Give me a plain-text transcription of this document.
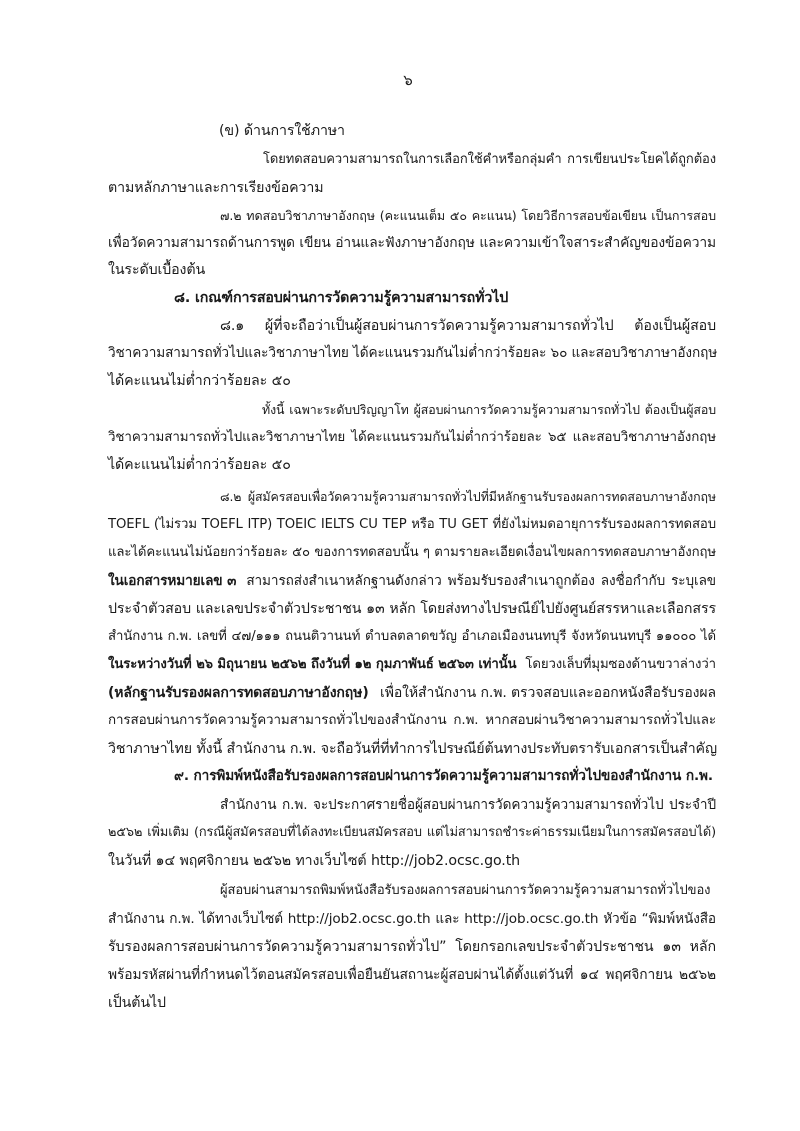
๖
(ข) ด้านการใช้ภาษา
โดยทดสอบความสามารถในการเลือกใช้คำหรือกลุ่มคำ การเขียนประโยคได้ถูกต้อง
ตามหลักภาษาและการเรียงข้อความ
๗.๒ ทดสอบวิชาภาษาอังกฤษ (คะแนนเต็ม ๕๐ คะแนน) โดยวิธีการสอบข้อเขียน เป็นการสอบ
เพื่อวัดความสามารถด้านการพูด เขียน อ่านและฟังภาษาอังกฤษ และความเข้าใจสาระสำคัญของข้อความ
ในระดับเบื้องต้น
๘. เกณฑ์การสอบผ่านการวัดความรู้ความสามารถทั่วไป
๘.๑ ผู้ที่จะถือว่าเป็นผู้สอบผ่านการวัดความรู้ความสามารถทั่วไป ต้องเป็นผู้สอบ
วิชาความสามารถทั่วไปและวิชาภาษาไทย ได้คะแนนรวมกันไม่ต่ำกว่าร้อยละ ๖๐ และสอบวิชาภาษาอังกฤษ
ได้คะแนนไม่ต่ำกว่าร้อยละ ๕๐
ทั้งนี้ เฉพาะระดับปริญญาโท ผู้สอบผ่านการวัดความรู้ความสามารถทั่วไป ต้องเป็นผู้สอบ
วิชาความสามารถทั่วไปและวิชาภาษาไทย ได้คะแนนรวมกันไม่ต่ำกว่าร้อยละ ๖๕ และสอบวิชาภาษาอังกฤษ
ได้คะแนนไม่ต่ำกว่าร้อยละ ๕๐
๘.๒ ผู้สมัครสอบเพื่อวัดความรู้ความสามารถทั่วไปที่มีหลักฐานรับรองผลการทดสอบภาษาอังกฤษ
TOEFL (ไม่รวม TOEFL ITP) TOEIC IELTS CU TEP หรือ TU GET ที่ยังไม่หมดอายุการรับรองผลการทดสอบ
และได้คะแนนไม่น้อยกว่าร้อยละ ๕๐ ของการทดสอบนั้น ๆ ตามรายละเอียดเงื่อนไขผลการทดสอบภาษาอังกฤษ
ในเอกสารหมายเลข ๓ สามารถส่งสำเนาหลักฐานดังกล่าว พร้อมรับรองสำเนาถูกต้อง ลงชื่อกำกับ ระบุเลข
ประจำตัวสอบ และเลขประจำตัวประชาชน ๑๓ หลัก โดยส่งทางไปรษณีย์ไปยังศูนย์สรรหาและเลือกสรร
สำนักงาน ก.พ. เลขที่ ๔๗/๑๑๑ ถนนติวานนท์ ตำบลตลาดขวัญ อำเภอเมืองนนทบุรี จังหวัดนนทบุรี ๑๑๐๐๐ ได้
ในระหว่างวันที่ ๒๖ มิถุนายน ๒๕๖๒ ถึงวันที่ ๑๒ กุมภาพันธ์ ๒๕๖๓ เท่านั้น โดยวงเล็บที่มุมซองด้านขวาล่างว่า
(หลักฐานรับรองผลการทดสอบภาษาอังกฤษ) เพื่อให้สำนักงาน ก.พ. ตรวจสอบและออกหนังสือรับรองผล
การสอบผ่านการวัดความรู้ความสามารถทั่วไปของสำนักงาน ก.พ. หากสอบผ่านวิชาความสามารถทั่วไปและ
วิชาภาษาไทย ทั้งนี้ สำนักงาน ก.พ. จะถือวันที่ที่ทำการไปรษณีย์ต้นทางประทับตรารับเอกสารเป็นสำคัญ
๙. การพิมพ์หนังสือรับรองผลการสอบผ่านการวัดความรู้ความสามารถทั่วไปของสำนักงาน ก.พ.
สำนักงาน ก.พ. จะประกาศรายชื่อผู้สอบผ่านการวัดความรู้ความสามารถทั่วไป ประจำปี
๒๕๖๒ เพิ่มเติม (กรณีผู้สมัครสอบที่ได้ลงทะเบียนสมัครสอบ แต่ไม่สามารถชำระค่าธรรมเนียมในการสมัครสอบได้)
ในวันที่ ๑๔ พฤศจิกายน ๒๕๖๒ ทางเว็บไซต์ http://job2.ocsc.go.th
ผู้สอบผ่านสามารถพิมพ์หนังสือรับรองผลการสอบผ่านการวัดความรู้ความสามารถทั่วไปของ
สำนักงาน ก.พ. ได้ทางเว็บไซต์ http://job2.ocsc.go.th และ http://job.ocsc.go.th หัวข้อ “พิมพ์หนังสือ
รับรองผลการสอบผ่านการวัดความรู้ความสามารถทั่วไป” โดยกรอกเลขประจำตัวประชาชน ๑๓ หลัก
พร้อมรหัสผ่านที่กำหนดไว้ตอนสมัครสอบเพื่อยืนยันสถานะผู้สอบผ่านได้ตั้งแต่วันที่ ๑๔ พฤศจิกายน ๒๕๖๒
เป็นต้นไป
